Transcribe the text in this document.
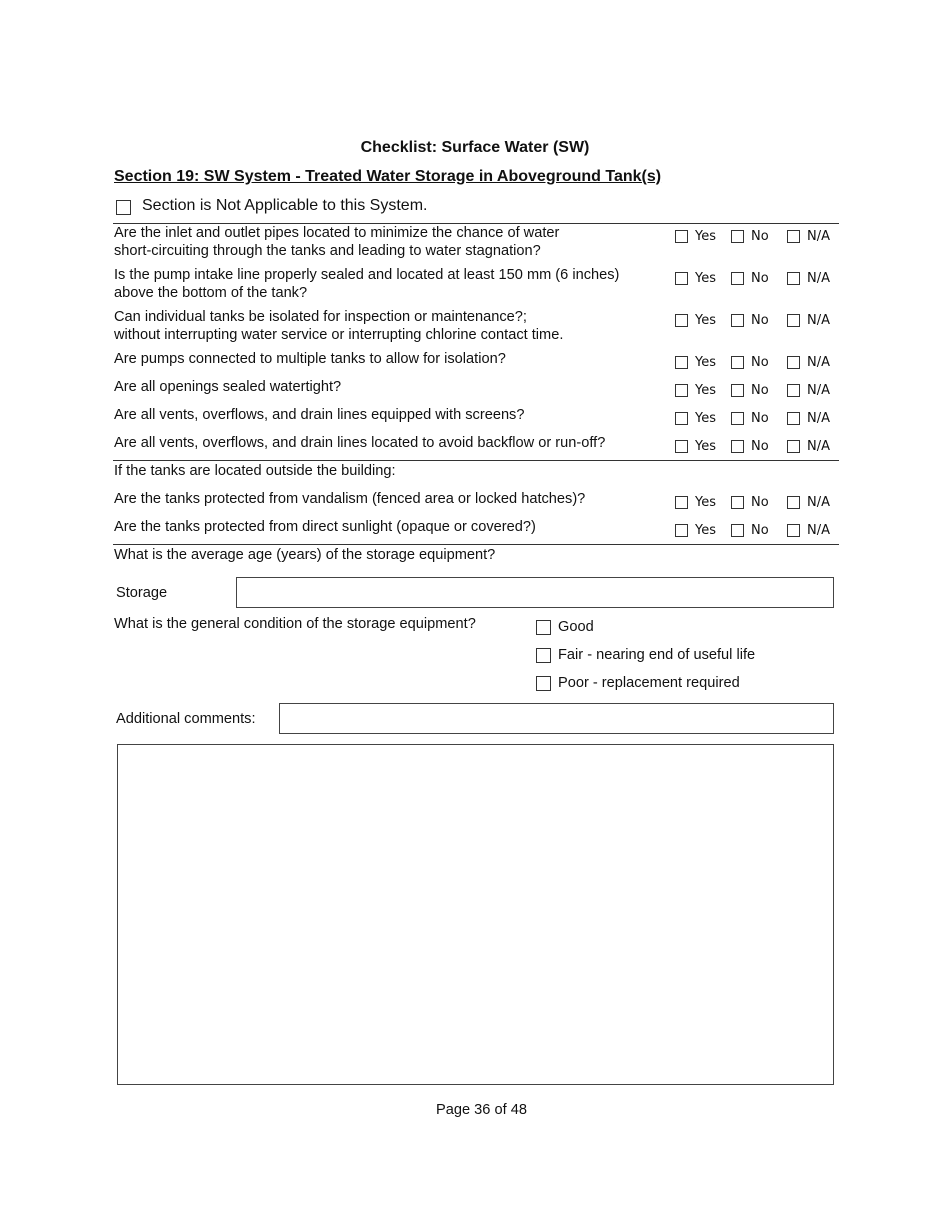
Checklist: Surface Water (SW)
Section 19: SW System - Treated Water Storage in Aboveground Tank(s)
Section is Not Applicable to this System.
Are the inlet and outlet pipes located to minimize the chance of water
short-circuiting through the tanks and leading to water stagnation?
Yes	No	N/A
Is the pump intake line properly sealed and located at least 150 mm (6 inches)
above the bottom of the tank?
Yes	No	N/A
Can individual tanks be isolated for inspection or maintenance?;
without interrupting water service or interrupting chlorine contact time.
Yes	No	N/A
Are pumps connected to multiple tanks to allow for isolation?	Yes	No	N/A
Are all openings sealed watertight?	Yes	No	N/A
Are all vents, overflows, and drain lines equipped with screens?	Yes	No	N/A
Are all vents, overflows, and drain lines located to avoid backflow or run-off?	Yes	No	N/A
If the tanks are located outside the building:
Are the tanks protected from vandalism (fenced area or locked hatches)?	Yes	No	N/A
Are the tanks protected from direct sunlight (opaque or covered?)	Yes	No	N/A
What is the average age (years) of the storage equipment?
Storage
What is the general condition of the storage equipment?	Good
Fair - nearing end of useful life
Poor - replacement required
Additional comments:
Page 36 of 48
